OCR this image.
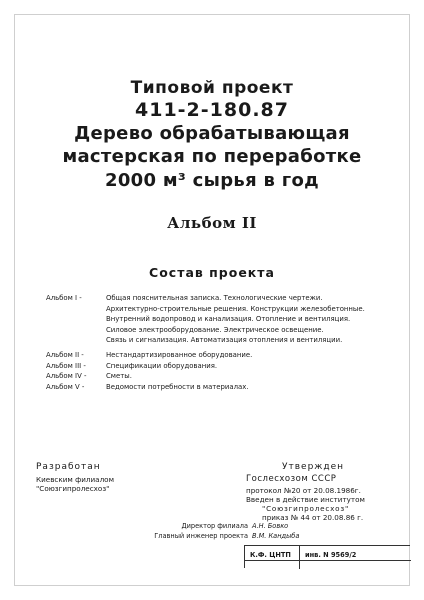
Типовой проект
411-2-180.87
Дерево обрабатывающая
мастерская по переработке
2000 м³ сырья в год
Альбом II
Состав проекта
Альбом I -	Общая пояснительная записка. Технологические чертежи.
Архитектурно-строительные решения. Конструкции железобетонные.
Внутренний водопровод и канализация. Отопление и вентиляция.
Силовое электрооборудование. Электрическое освещение.
Связь и сигнализация. Автоматизация отопления и вентиляции.
Альбом II -	Нестандартизированное оборудование.
Альбом III -	Спецификации оборудования.
Альбом IV -	Сметы.
Альбом V -	Ведомости потребности в материалах.
Разработан
Киевским филиалом
"Союзгипролесхоз"
Утвержден
Гослесхозом СССР
протокол №20 от 20.08.1986г.
Введен в действие институтом
"Союзгипролесхоз"
приказ № 44 от 20.08.86 г.
Директор филиала А.Н. Бовко
Главный инженер проекта В.М. Кандыба
К.Ф. ЦНТП инв. N 9569/2
